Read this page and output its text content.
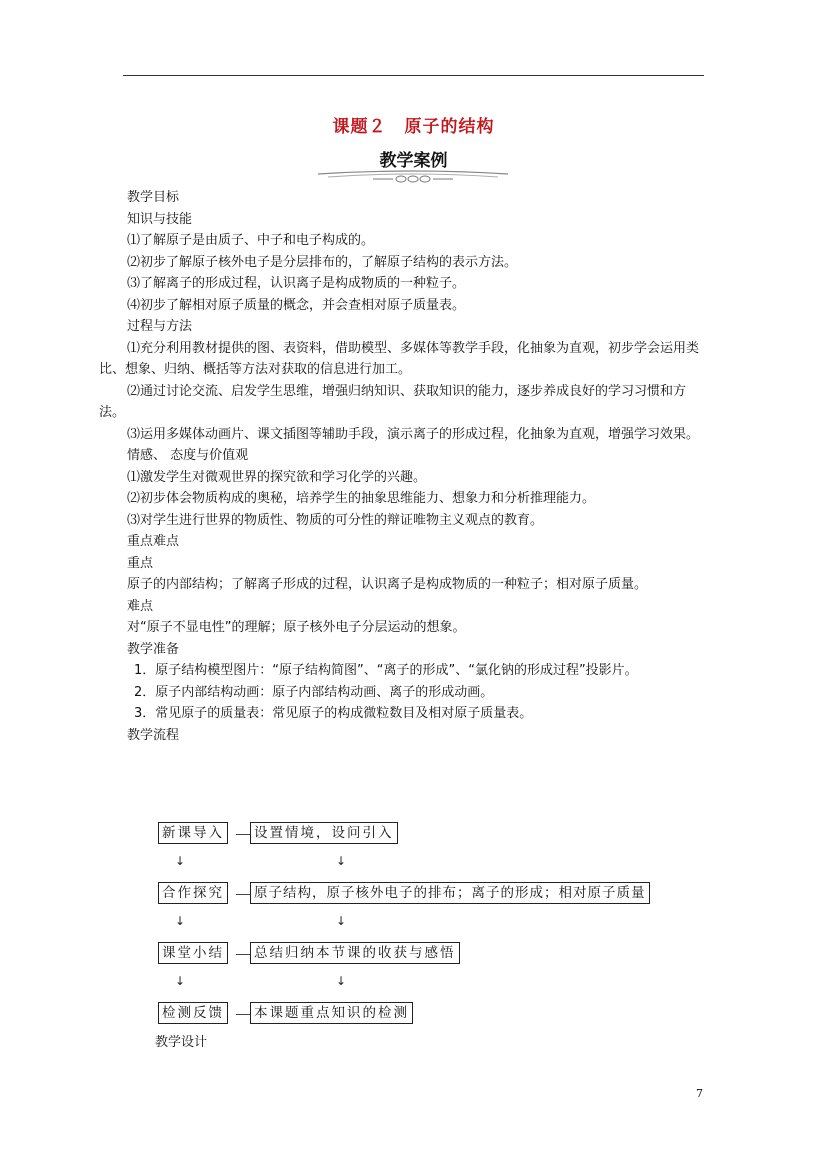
课题２　原子的结构
教学案例
教学目标
知识与技能
⑴了解原子是由质子、中子和电子构成的。
⑵初步了解原子核外电子是分层排布的，了解原子结构的表示方法。
⑶了解离子的形成过程，认识离子是构成物质的一种粒子。
⑷初步了解相对原子质量的概念，并会查相对原子质量表。
过程与方法
⑴充分利用教材提供的图、表资料，借助模型、多媒体等教学手段，化抽象为直观，初步学会运用类比、想象、归纳、概括等方法对获取的信息进行加工。
⑵通过讨论交流、启发学生思维，增强归纳知识、获取知识的能力，逐步养成良好的学习习惯和方法。
⑶运用多媒体动画片、课文插图等辅助手段，演示离子的形成过程，化抽象为直观，增强学习效果。
情感、 态度与价值观
⑴激发学生对微观世界的探究欲和学习化学的兴趣。
⑵初步体会物质构成的奥秘，培养学生的抽象思维能力、想象力和分析推理能力。
⑶对学生进行世界的物质性、物质的可分性的辩证唯物主义观点的教育。
重点难点
重点
原子的内部结构；了解离子形成的过程，认识离子是构成物质的一种粒子；相对原子质量。
难点
对“原子不显电性”的理解；原子核外电子分层运动的想象。
教学准备
1．原子结构模型图片：“原子结构简图”、“离子的形成”、“氯化钠的形成过程”投影片。
2．原子内部结构动画：原子内部结构动画、离子的形成动画。
3．常见原子的质量表：常见原子的构成微粒数目及相对原子质量表。
教学流程
新课导入 设置情境，设问引入
↓	↓
合作探究 原子结构，原子核外电子的排布；离子的形成；相对原子质量
↓	↓
课堂小结 总结归纳本节课的收获与感悟
↓	↓
检测反馈 本课题重点知识的检测
教学设计
7
